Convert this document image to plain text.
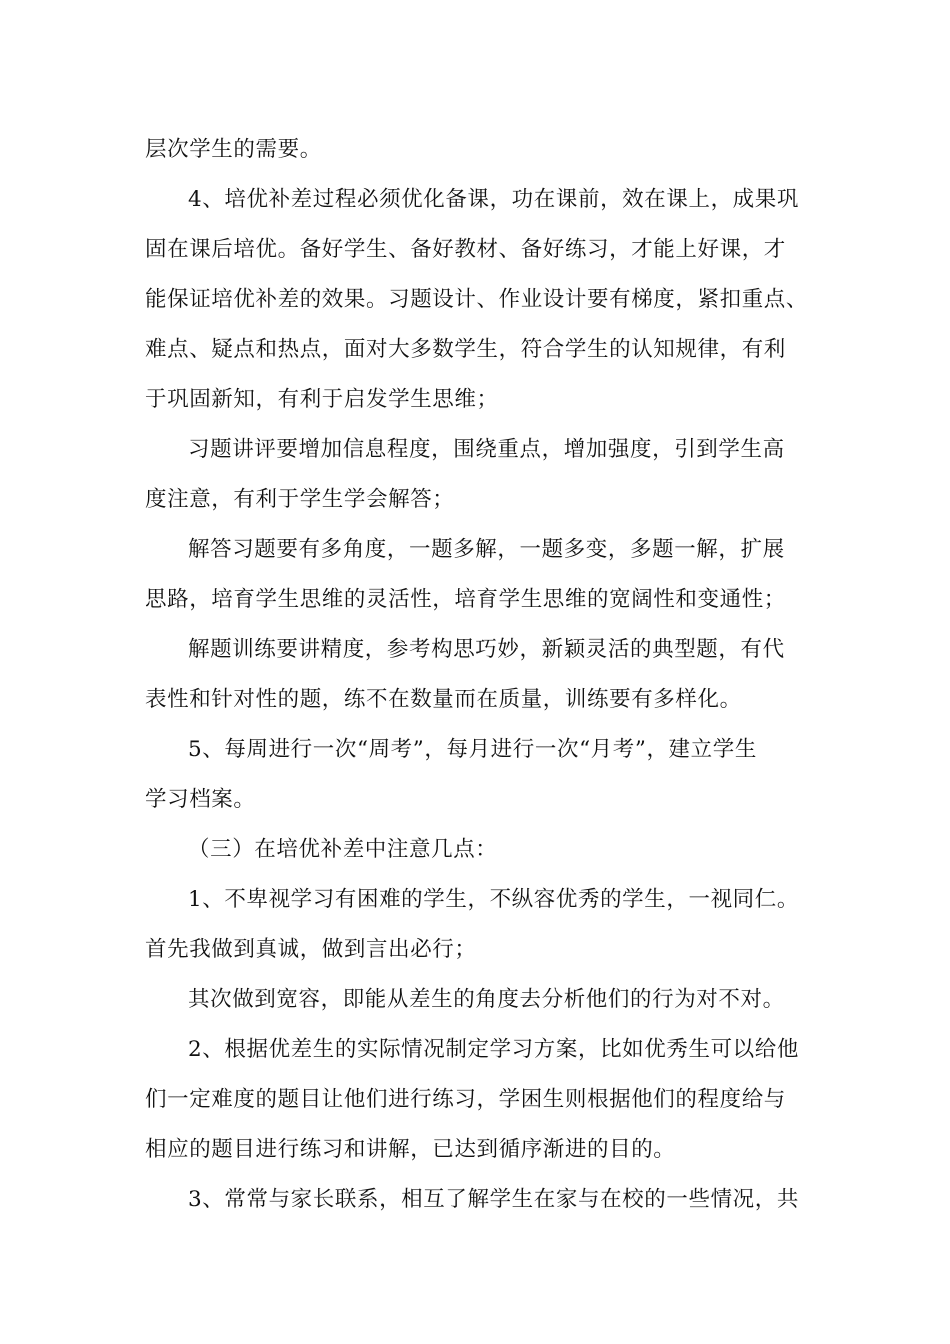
层次学生的需要。
4、培优补差过程必须优化备课，功在课前，效在课上，成果巩
固在课后培优。备好学生、备好教材、备好练习，才能上好课，才
能保证培优补差的效果。习题设计、作业设计要有梯度，紧扣重点、
难点、疑点和热点，面对大多数学生，符合学生的认知规律，有利
于巩固新知，有利于启发学生思维；
习题讲评要增加信息程度，围绕重点，增加强度，引到学生高
度注意，有利于学生学会解答；
解答习题要有多角度，一题多解，一题多变，多题一解，扩展
思路，培育学生思维的灵活性，培育学生思维的宽阔性和变通性；
解题训练要讲精度，参考构思巧妙，新颖灵活的典型题，有代
表性和针对性的题，练不在数量而在质量，训练要有多样化。
5、每周进行一次“周考”，每月进行一次“月考”，建立学生
学习档案。
（三）在培优补差中注意几点：
1、不卑视学习有困难的学生，不纵容优秀的学生，一视同仁。
首先我做到真诚，做到言出必行；
其次做到宽容，即能从差生的角度去分析他们的行为对不对。
2、根据优差生的实际情况制定学习方案，比如优秀生可以给他
们一定难度的题目让他们进行练习，学困生则根据他们的程度给与
相应的题目进行练习和讲解，已达到循序渐进的目的。
3、常常与家长联系，相互了解学生在家与在校的一些情况，共
